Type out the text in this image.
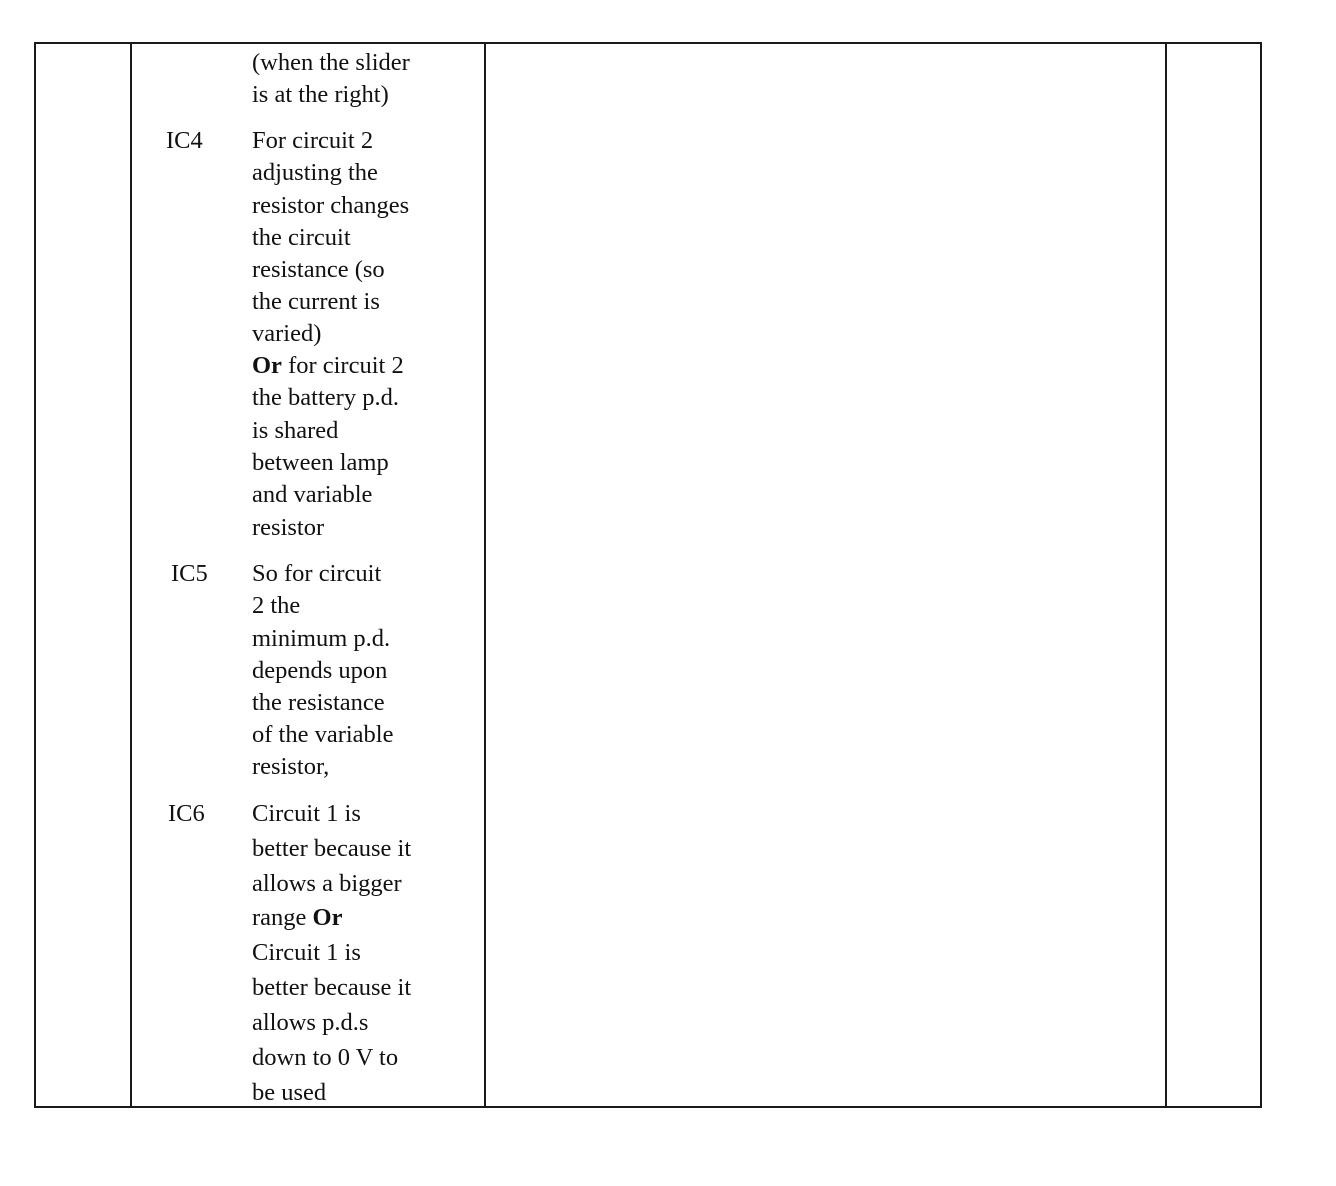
(when the slider
is at the right)
IC4 For circuit 2
adjusting the
resistor changes
the circuit
resistance (so
the current is
varied)
Or for circuit 2
the battery p.d.
is shared
between lamp
and variable
resistor
IC5 So for circuit
2 the
minimum p.d.
depends upon
the resistance
of the variable
resistor,
IC6 Circuit 1 is
better because it
allows a bigger
range Or
Circuit 1 is
better because it
allows p.d.s
down to 0 V to
be used
